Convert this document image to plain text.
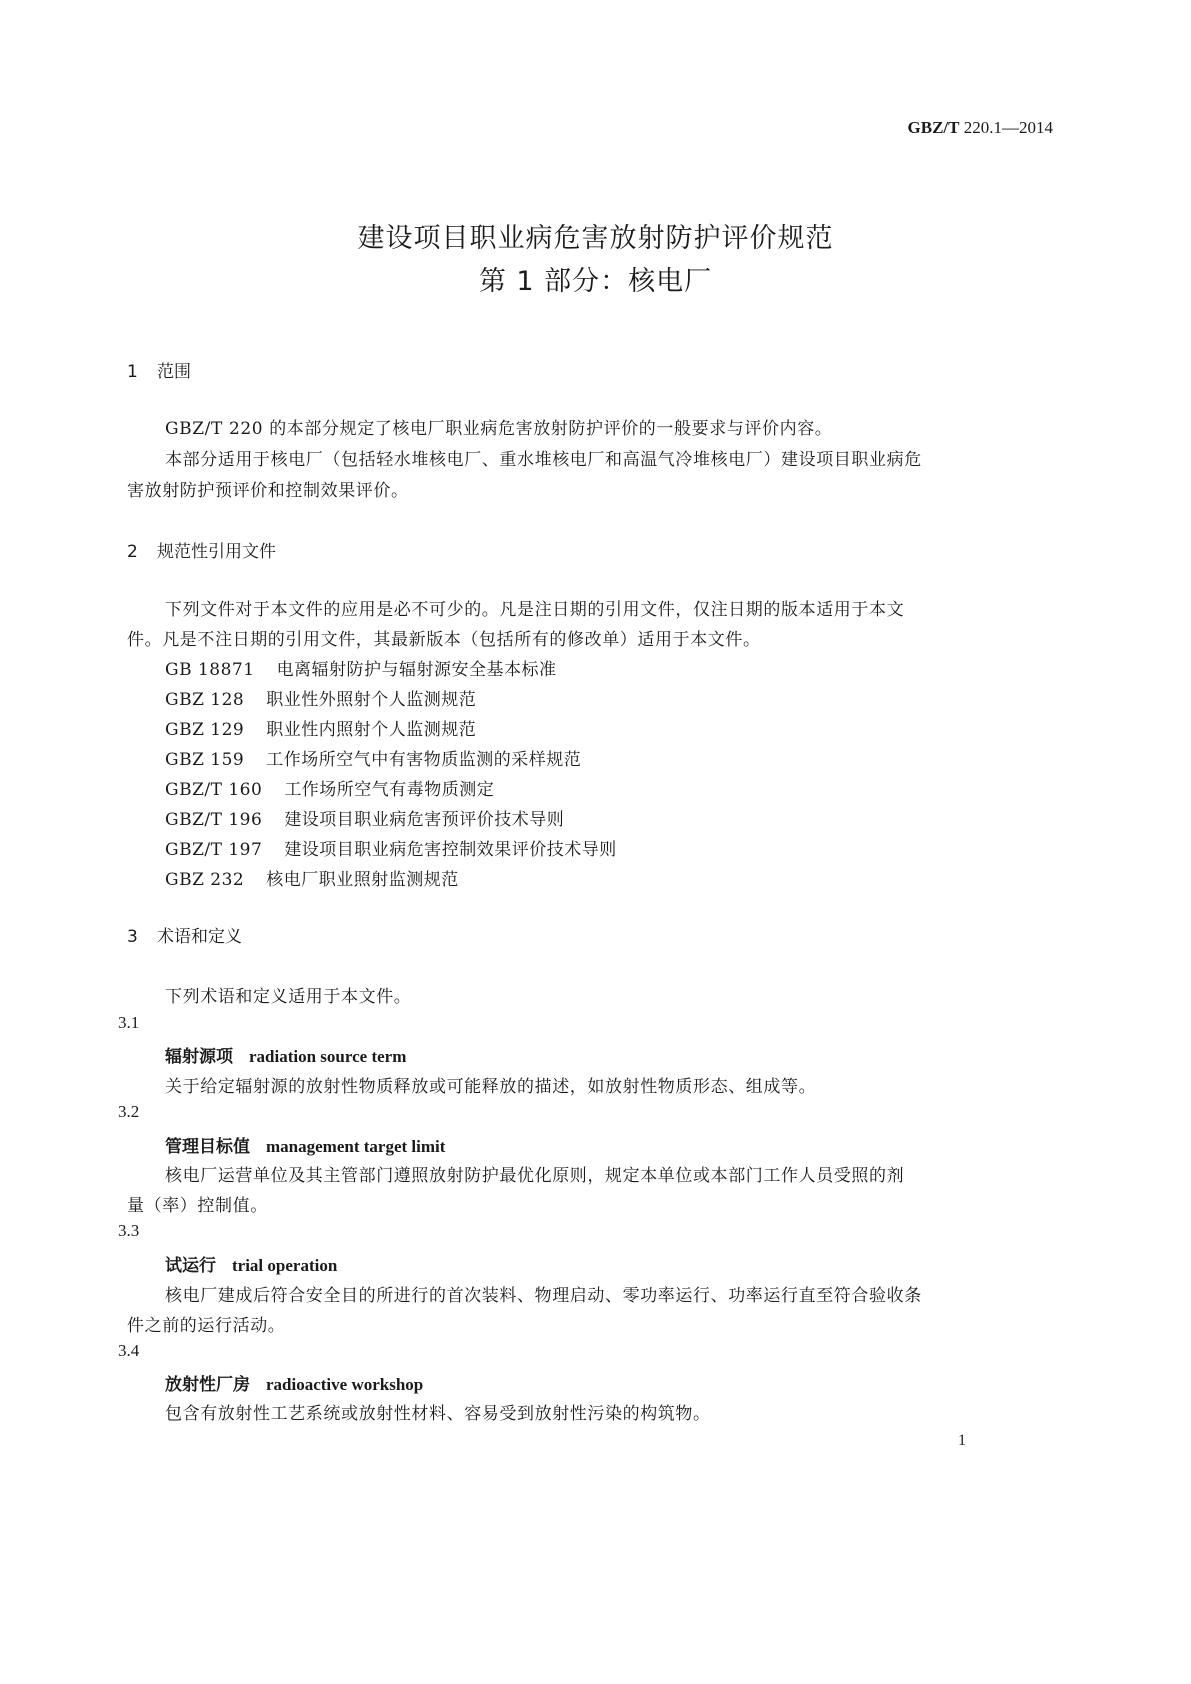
GBZ/T 220.1—2014
建设项目职业病危害放射防护评价规范
第 1 部分：核电厂
1 范围
GBZ/T 220 的本部分规定了核电厂职业病危害放射防护评价的一般要求与评价内容。
本部分适用于核电厂（包括轻水堆核电厂、重水堆核电厂和高温气冷堆核电厂）建设项目职业病危
害放射防护预评价和控制效果评价。
2 规范性引用文件
下列文件对于本文件的应用是必不可少的。凡是注日期的引用文件，仅注日期的版本适用于本文
件。凡是不注日期的引用文件，其最新版本（包括所有的修改单）适用于本文件。
GB 18871 电离辐射防护与辐射源安全基本标准
GBZ 128 职业性外照射个人监测规范
GBZ 129 职业性内照射个人监测规范
GBZ 159 工作场所空气中有害物质监测的采样规范
GBZ/T 160 工作场所空气有毒物质测定
GBZ/T 196 建设项目职业病危害预评价技术导则
GBZ/T 197 建设项目职业病危害控制效果评价技术导则
GBZ 232 核电厂职业照射监测规范
3 术语和定义
下列术语和定义适用于本文件。
3.1
辐射源项 radiation source term
关于给定辐射源的放射性物质释放或可能释放的描述，如放射性物质形态、组成等。
3.2
管理目标值 management target limit
核电厂运营单位及其主管部门遵照放射防护最优化原则，规定本单位或本部门工作人员受照的剂
量（率）控制值。
3.3
试运行 trial operation
核电厂建成后符合安全目的所进行的首次装料、物理启动、零功率运行、功率运行直至符合验收条
件之前的运行活动。
3.4
放射性厂房 radioactive workshop
包含有放射性工艺系统或放射性材料、容易受到放射性污染的构筑物。
1
